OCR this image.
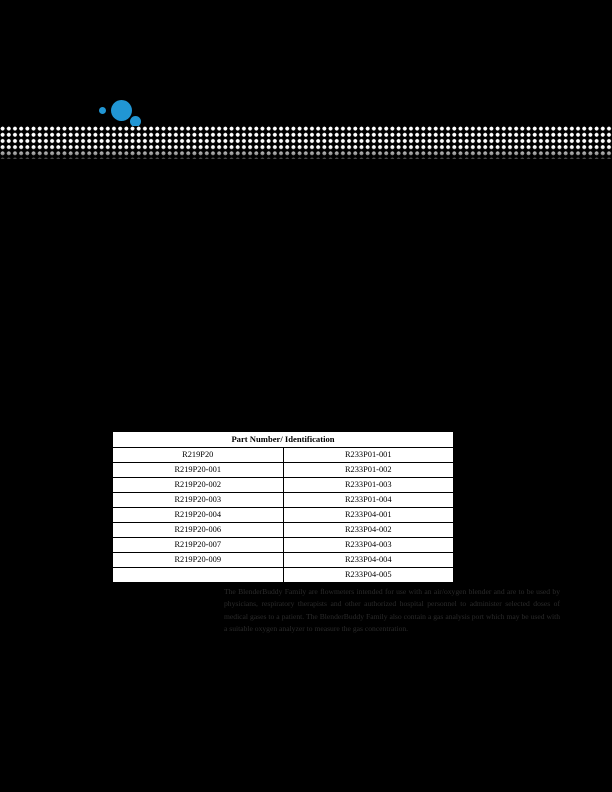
Part Number/ Identification	
R219P20	R233P01-001
R219P20-001	R233P01-002
R219P20-002	R233P01-003
R219P20-003	R233P01-004
R219P20-004	R233P04-001
R219P20-006	R233P04-002
R219P20-007	R233P04-003
R219P20-009	R233P04-004
	R233P04-005
The BlenderBuddy Family are flowmeters intended for use with an air/oxygen blender and are to be used by physicians, respiratory therapists and other authorized hospital personnel to administer selected doses of medical gases to a patient. The BlenderBuddy Family also contain a gas analysis port which may be used with a suitable oxygen analyzer to measure the gas concentration.
